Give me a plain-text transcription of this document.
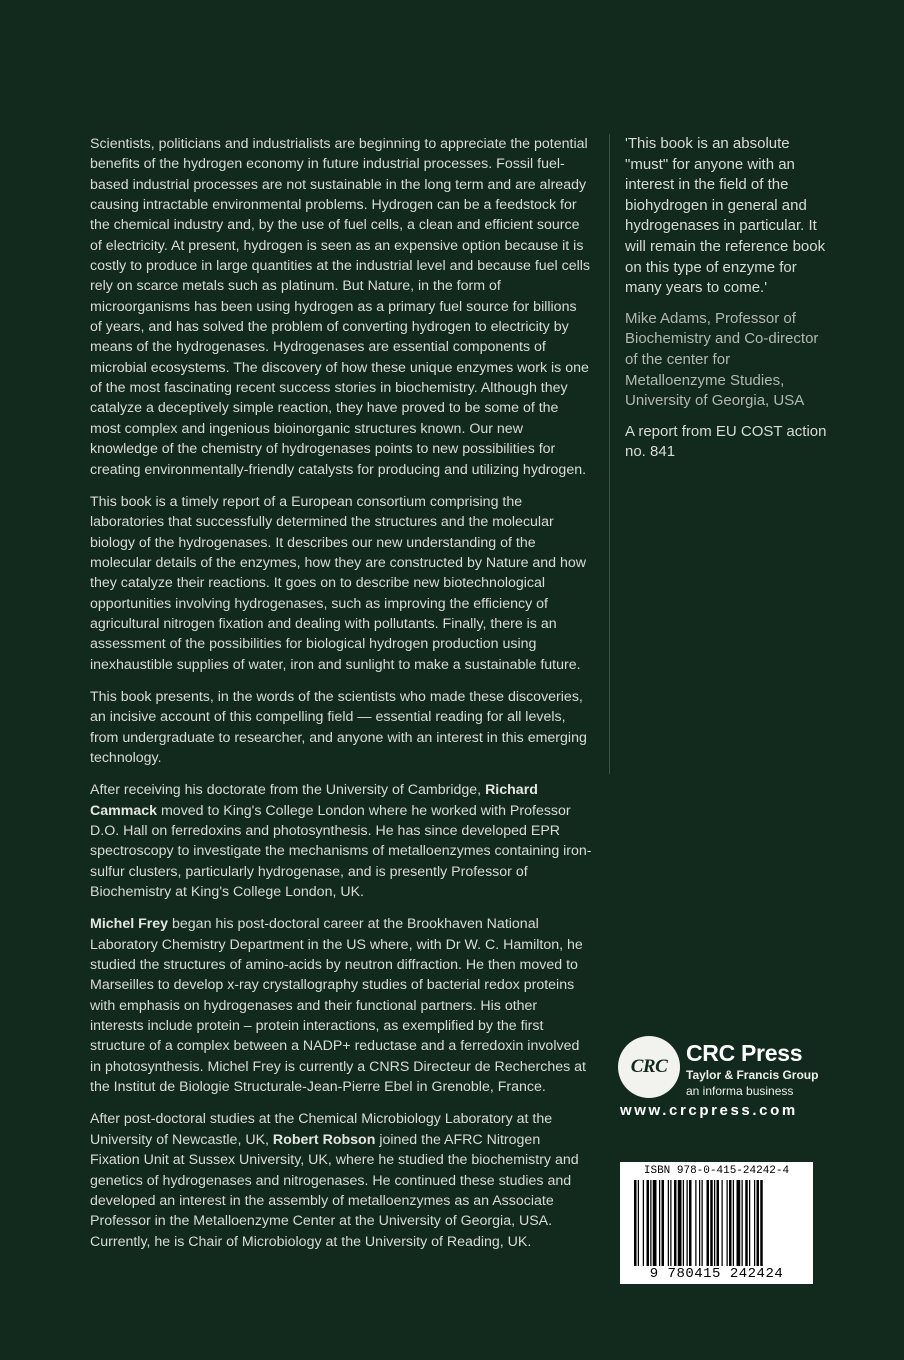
Scientists, politicians and industrialists are beginning to appreciate the potential benefits of the hydrogen economy in future industrial processes. Fossil fuel-based industrial processes are not sustainable in the long term and are already causing intractable environmental problems. Hydrogen can be a feedstock for the chemical industry and, by the use of fuel cells, a clean and efficient source of electricity. At present, hydrogen is seen as an expensive option because it is costly to produce in large quantities at the industrial level and because fuel cells rely on scarce metals such as platinum. But Nature, in the form of microorganisms has been using hydrogen as a primary fuel source for billions of years, and has solved the problem of converting hydrogen to electricity by means of the hydrogenases. Hydrogenases are essential components of microbial ecosystems. The discovery of how these unique enzymes work is one of the most fascinating recent success stories in biochemistry. Although they catalyze a deceptively simple reaction, they have proved to be some of the most complex and ingenious bioinorganic structures known. Our new knowledge of the chemistry of hydrogenases points to new possibilities for creating environmentally-friendly catalysts for producing and utilizing hydrogen.

This book is a timely report of a European consortium comprising the laboratories that successfully determined the structures and the molecular biology of the hydrogenases. It describes our new understanding of the molecular details of the enzymes, how they are constructed by Nature and how they catalyze their reactions. It goes on to describe new biotechnological opportunities involving hydrogenases, such as improving the efficiency of agricultural nitrogen fixation and dealing with pollutants. Finally, there is an assessment of the possibilities for biological hydrogen production using inexhaustible supplies of water, iron and sunlight to make a sustainable future.

This book presents, in the words of the scientists who made these discoveries, an incisive account of this compelling field — essential reading for all levels, from undergraduate to researcher, and anyone with an interest in this emerging technology.

After receiving his doctorate from the University of Cambridge, Richard Cammack moved to King's College London where he worked with Professor D.O. Hall on ferredoxins and photosynthesis. He has since developed EPR spectroscopy to investigate the mechanisms of metalloenzymes containing iron-sulfur clusters, particularly hydrogenase, and is presently Professor of Biochemistry at King's College London, UK.

Michel Frey began his post-doctoral career at the Brookhaven National Laboratory Chemistry Department in the US where, with Dr W. C. Hamilton, he studied the structures of amino-acids by neutron diffraction. He then moved to Marseilles to develop x-ray crystallography studies of bacterial redox proteins with emphasis on hydrogenases and their functional partners. His other interests include protein – protein interactions, as exemplified by the first structure of a complex between a NADP+ reductase and a ferredoxin involved in photosynthesis. Michel Frey is currently a CNRS Directeur de Recherches at the Institut de Biologie Structurale-Jean-Pierre Ebel in Grenoble, France.

After post-doctoral studies at the Chemical Microbiology Laboratory at the University of Newcastle, UK, Robert Robson joined the AFRC Nitrogen Fixation Unit at Sussex University, UK, where he studied the biochemistry and genetics of hydrogenases and nitrogenases. He continued these studies and developed an interest in the assembly of metalloenzymes as an Associate Professor in the Metalloenzyme Center at the University of Georgia, USA. Currently, he is Chair of Microbiology at the University of Reading, UK.

'This book is an absolute "must" for anyone with an interest in the field of the biohydrogen in general and hydrogenases in particular. It will remain the reference book on this type of enzyme for many years to come.'

Mike Adams, Professor of Biochemistry and Co-director of the center for Metalloenzyme Studies, University of Georgia, USA

A report from EU COST action no. 841

CRC
CRC Press
Taylor & Francis Group
an informa business
www.crcpress.com
ISBN 978-0-415-24242-4
9 780415 242424
